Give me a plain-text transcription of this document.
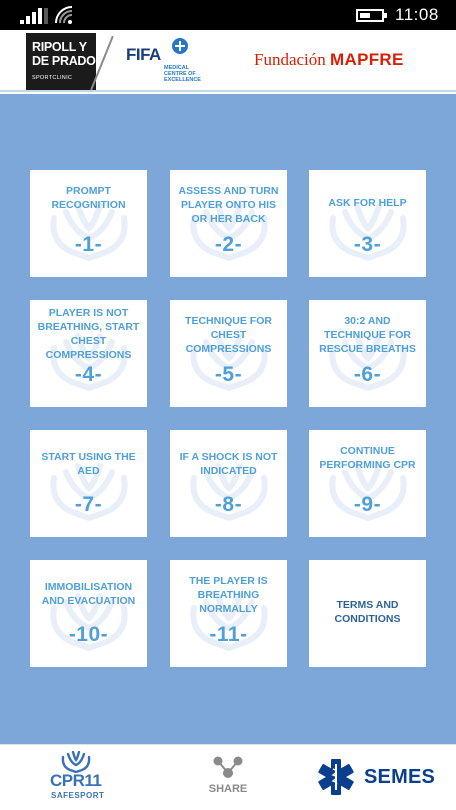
11:08
RIPOLL Y
DE PRADO
SPORTCLINIC
FIFA
MEDICAL
CENTRE OF
EXCELLENCE
Fundación MAPFRE
PROMPT RECOGNITION
-1-
ASSESS AND TURN PLAYER ONTO HIS OR HER BACK
-2-
ASK FOR HELP
-3-
PLAYER IS NOT BREATHING, START CHEST COMPRESSIONS
-4-
TECHNIQUE FOR CHEST COMPRESSIONS
-5-
30:2 AND TECHNIQUE FOR RESCUE BREATHS
-6-
START USING THE AED
-7-
IF A SHOCK IS NOT INDICATED
-8-
CONTINUE PERFORMING CPR
-9-
IMMOBILISATION AND EVACUATION
-10-
THE PLAYER IS BREATHING NORMALLY
-11-
TERMS AND CONDITIONS
CPR11
SAFESPORT
SHARE
SEMES
